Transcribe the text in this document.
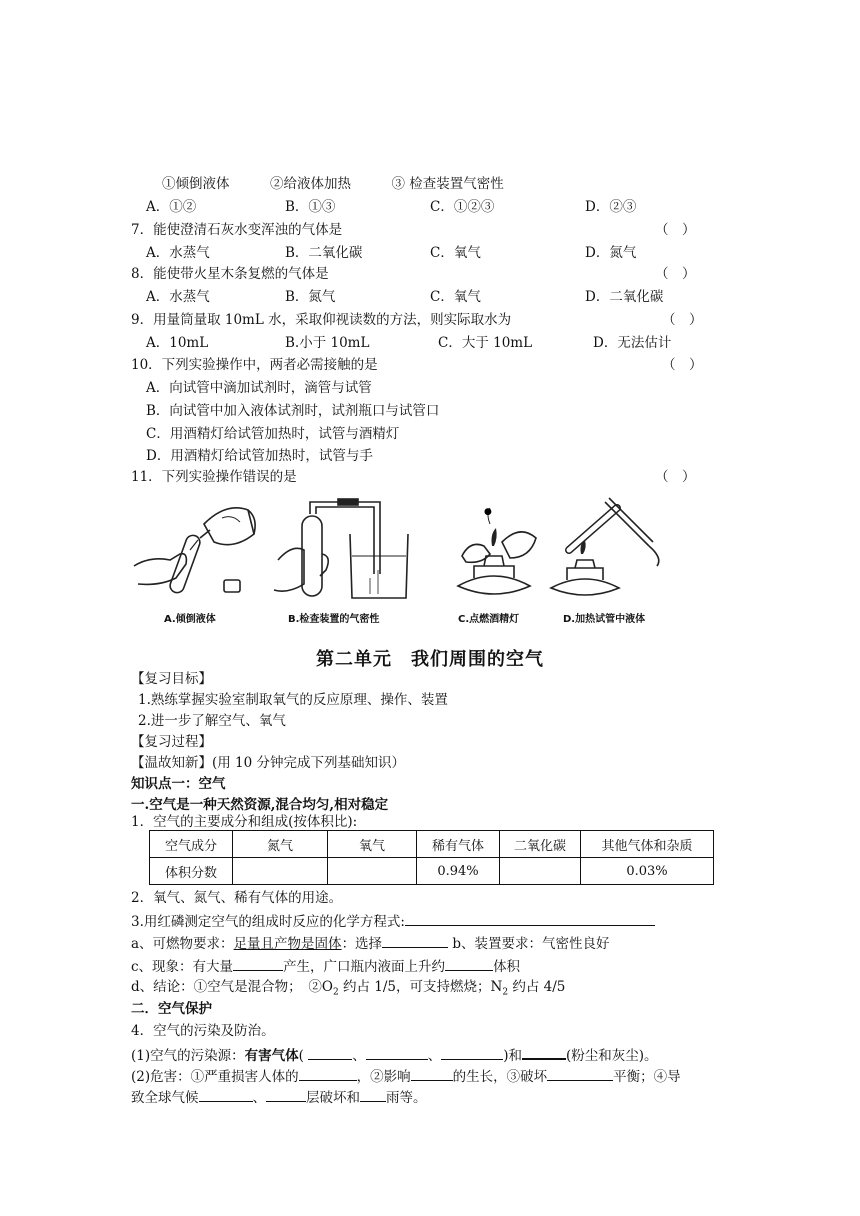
①倾倒液体　　　②给液体加热　　　③ 检查装置气密性
A．①②	B．①③	C．①②③	D．②③
7．能使澄清石灰水变浑浊的气体是	（　）
A．水蒸气	B．二氧化碳	C．氧气	D．氮气
8．能使带火星木条复燃的气体是	（　）
A．水蒸气	B．氮气	C．氧气	D．二氧化碳
9．用量筒量取 10mL 水，采取仰视读数的方法，则实际取水为	（　）
A．10mL	B.小于 10mL	C．大于 10mL	D．无法估计
10．下列实验操作中，两者必需接触的是	（　）
A．向试管中滴加试剂时，滴管与试管
B．向试管中加入液体试剂时，试剂瓶口与试管口
C．用酒精灯给试管加热时，试管与酒精灯
D．用酒精灯给试管加热时，试管与手
11．下列实验操作错误的是	（　）
A.倾倒液体	B.检查装置的气密性
●
C.点燃酒精灯	D.加热试管中液体
第二单元　我们周围的空气
【复习目标】
1.熟练掌握实验室制取氧气的反应原理、操作、装置
2.进一步了解空气、氧气
【复习过程】
【温故知新】(用 10 分钟完成下列基础知识）
知识点一：空气
一.空气是一种天然资源,混合均匀,相对稳定
1．空气的主要成分和组成(按体积比):
空气成分	氮气	氧气	稀有气体	二氧化碳	其他气体和杂质
体积分数			0.94%		0.03%
2．氧气、氮气、稀有气体的用途。
3.用红磷测定空气的组成时反应的化学方程式:
a、可燃物要求：足量且产物是固体：选择	b、装置要求：气密性良好
c、现象：有大量	产生，广口瓶内液面上升约	体积
d、结论：①空气是混合物；　$②O_2$ 约占 1/5，可支持燃烧；$N_2$ 约占 4/5
二．空气保护
4．空气的污染及防治。
(1)空气的污染源：有害气体(	、	、	)和	(粉尘和灰尘)。
(2)危害：①严重损害人体的	，②影响	的生长，③破坏	平衡；④导
致全球气候	、	层破坏和 雨等。
